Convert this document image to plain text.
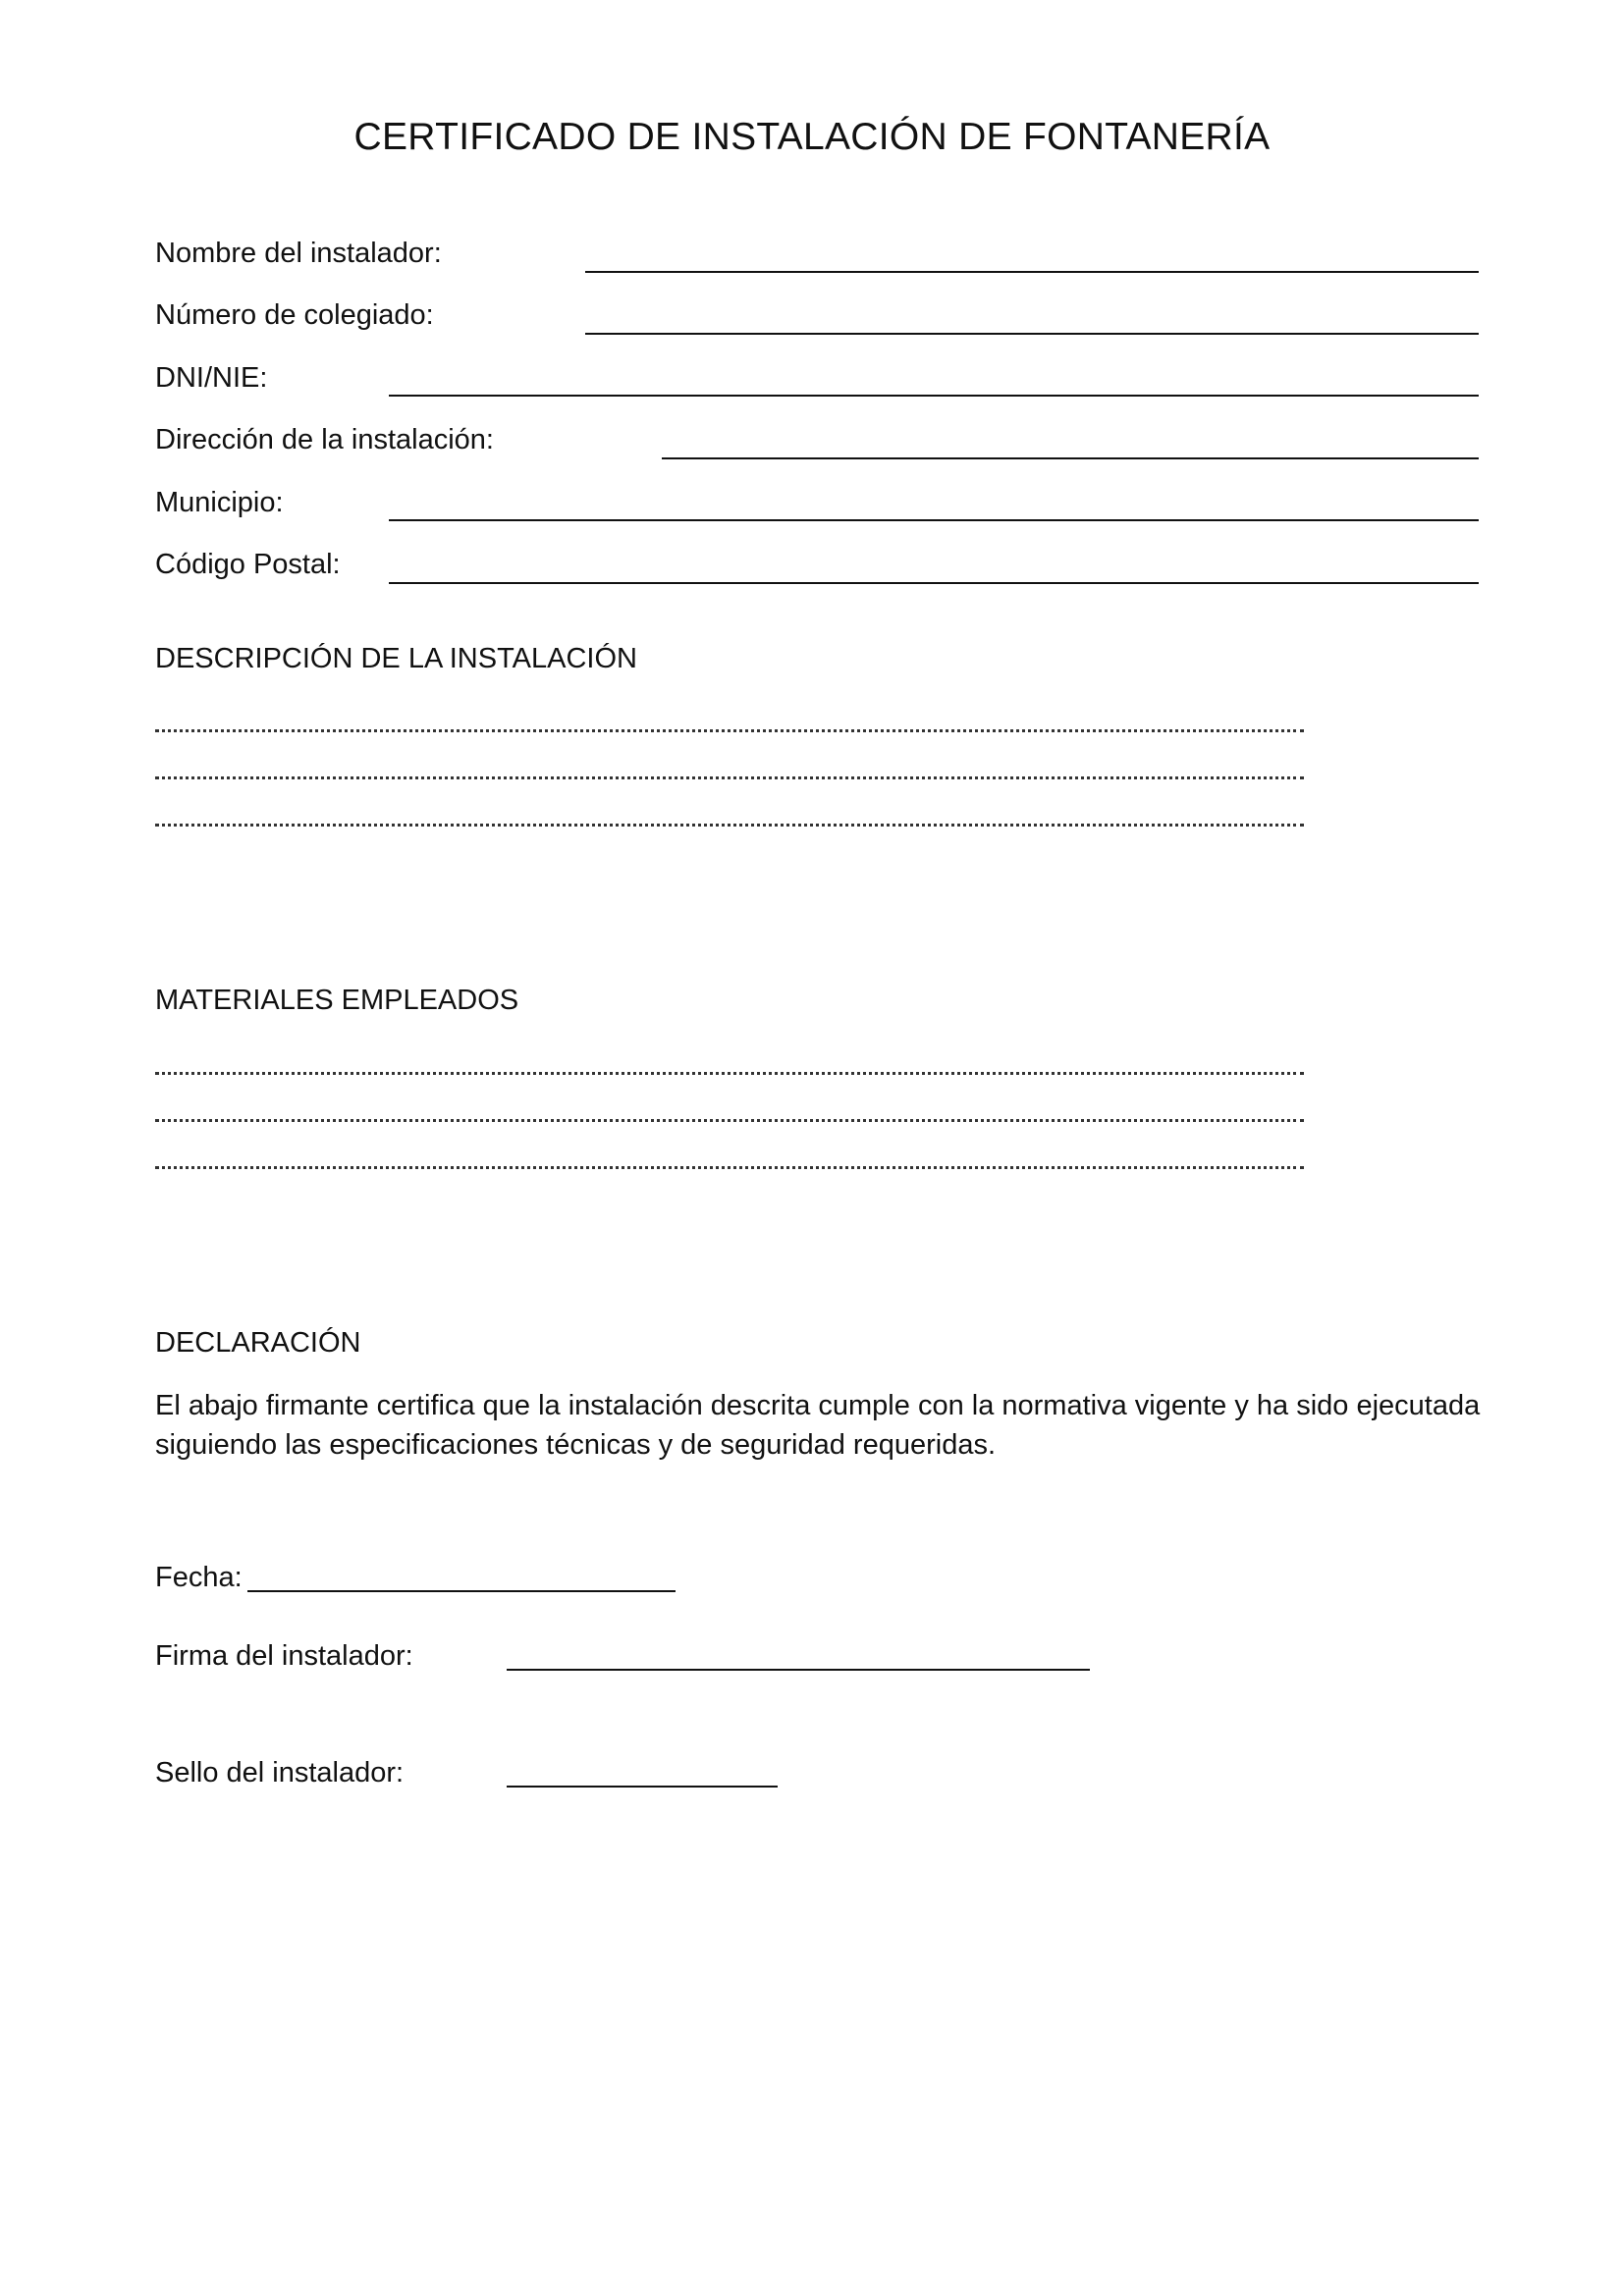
CERTIFICADO DE INSTALACIÓN DE FONTANERÍA
Nombre del instalador:
Número de colegiado:
DNI/NIE:
Dirección de la instalación:
Municipio:
Código Postal:
DESCRIPCIÓN DE LA INSTALACIÓN
MATERIALES EMPLEADOS
DECLARACIÓN
El abajo firmante certifica que la instalación descrita cumple con la normativa vigente y ha sido ejecutada siguiendo las especificaciones técnicas y de seguridad requeridas.
Fecha:
Firma del instalador:
Sello del instalador:
